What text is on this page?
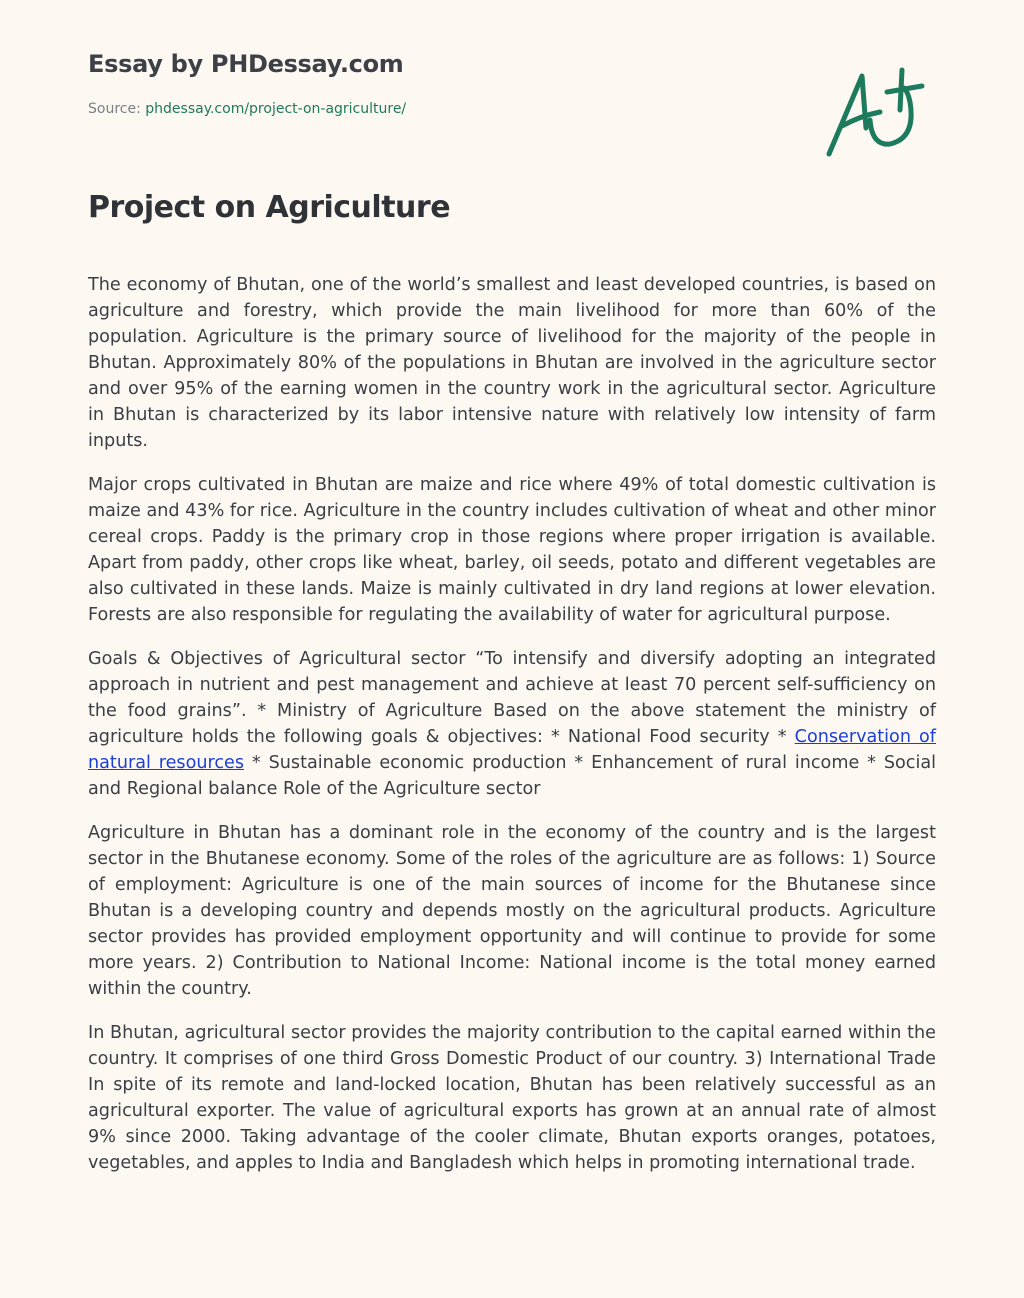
Essay by PHDessay.com
Source: phdessay.com/project-on-agriculture/
Project on Agriculture

The economy of Bhutan, one of the world’s smallest and least developed countries, is based on agriculture and forestry, which provide the main livelihood for more than 60% of the population. Agriculture is the primary source of livelihood for the majority of the people in Bhutan. Approximately 80% of the populations in Bhutan are involved in the agriculture sector and over 95% of the earning women in the country work in the agricultural sector. Agriculture in Bhutan is characterized by its labor intensive nature with relatively low intensity of farm inputs.

Major crops cultivated in Bhutan are maize and rice where 49% of total domestic cultivation is maize and 43% for rice. Agriculture in the country includes cultivation of wheat and other minor cereal crops. Paddy is the primary crop in those regions where proper irrigation is available. Apart from paddy, other crops like wheat, barley, oil seeds, potato and different vegetables are also cultivated in these lands. Maize is mainly cultivated in dry land regions at lower elevation. Forests are also responsible for regulating the availability of water for agricultural purpose.

Goals & Objectives of Agricultural sector “To intensify and diversify adopting an integrated approach in nutrient and pest management and achieve at least 70 percent self-sufficiency on the food grains”. * Ministry of Agriculture Based on the above statement the ministry of agriculture holds the following goals & objectives: * National Food security * Conservation of natural resources * Sustainable economic production * Enhancement of rural income * Social and Regional balance Role of the Agriculture sector

Agriculture in Bhutan has a dominant role in the economy of the country and is the largest sector in the Bhutanese economy. Some of the roles of the agriculture are as follows: 1) Source of employment: Agriculture is one of the main sources of income for the Bhutanese since Bhutan is a developing country and depends mostly on the agricultural products. Agriculture sector provides has provided employment opportunity and will continue to provide for some more years. 2) Contribution to National Income: National income is the total money earned within the country.

In Bhutan, agricultural sector provides the majority contribution to the capital earned within the country. It comprises of one third Gross Domestic Product of our country. 3) International Trade In spite of its remote and land-locked location, Bhutan has been relatively successful as an agricultural exporter. The value of agricultural exports has grown at an annual rate of almost 9% since 2000. Taking advantage of the cooler climate, Bhutan exports oranges, potatoes, vegetables, and apples to India and Bangladesh which helps in promoting international trade.
